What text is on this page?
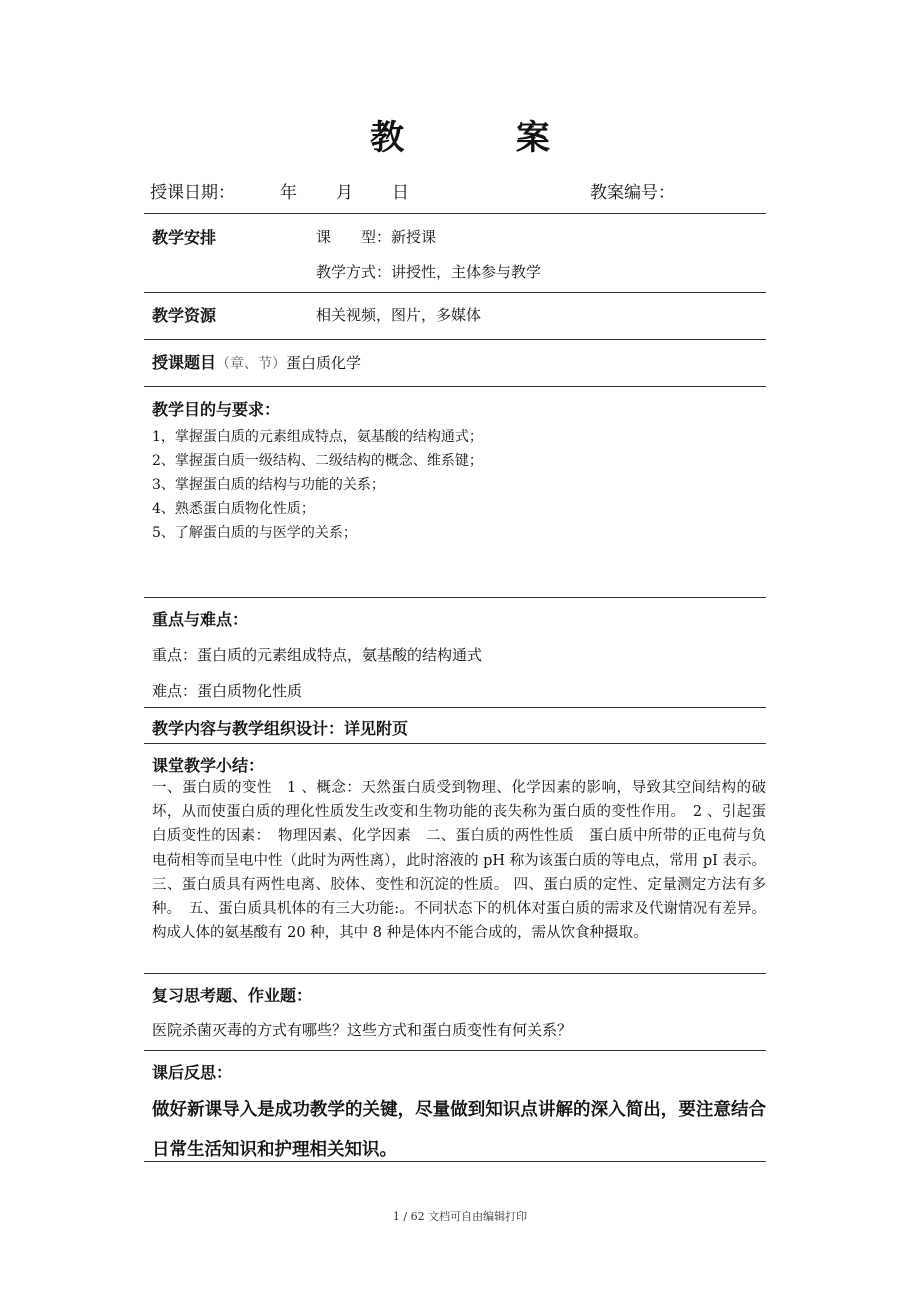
教 案
授课日期：	年 月 日	教案编号：
教学安排	课　　型：新授课
教学方式：讲授性，主体参与教学
教学资源	相关视频，图片，多媒体
授课题目（章、节）蛋白质化学
教学目的与要求：
1，掌握蛋白质的元素组成特点，氨基酸的结构通式；
2、掌握蛋白质一级结构、二级结构的概念、维系键；
3、掌握蛋白质的结构与功能的关系；
4、熟悉蛋白质物化性质；
5、了解蛋白质的与医学的关系；
重点与难点：
重点：蛋白质的元素组成特点，氨基酸的结构通式
难点：蛋白质物化性质
教学内容与教学组织设计：详见附页
课堂教学小结：
一、蛋白质的变性　1 、概念：天然蛋白质受到物理、化学因素的影响，导致其空间结构的破坏，从而使蛋白质的理化性质发生改变和生物功能的丧失称为蛋白质的变性作用。　2 、引起蛋白质变性的因素：　物理因素、化学因素　二、蛋白质的两性性质　蛋白质中所带的正电荷与负电荷相等而呈电中性（此时为两性离），此时溶液的 pH 称为该蛋白质的等电点，常用 pI 表示。 三、蛋白质具有两性电离、胶体、变性和沉淀的性质。 四、蛋白质的定性、定量测定方法有多种。　五、蛋白质具机体的有三大功能:。不同状态下的机体对蛋白质的需求及代谢情况有差异。构成人体的氨基酸有 20 种，其中 8 种是体内不能合成的，需从饮食种摄取。
复习思考题、作业题：
医院杀菌灭毒的方式有哪些？这些方式和蛋白质变性有何关系？
课后反思：
做好新课导入是成功教学的关键，尽量做到知识点讲解的深入简出，要注意结合日常生活知识和护理相关知识。
1 / 62 文档可自由编辑打印
